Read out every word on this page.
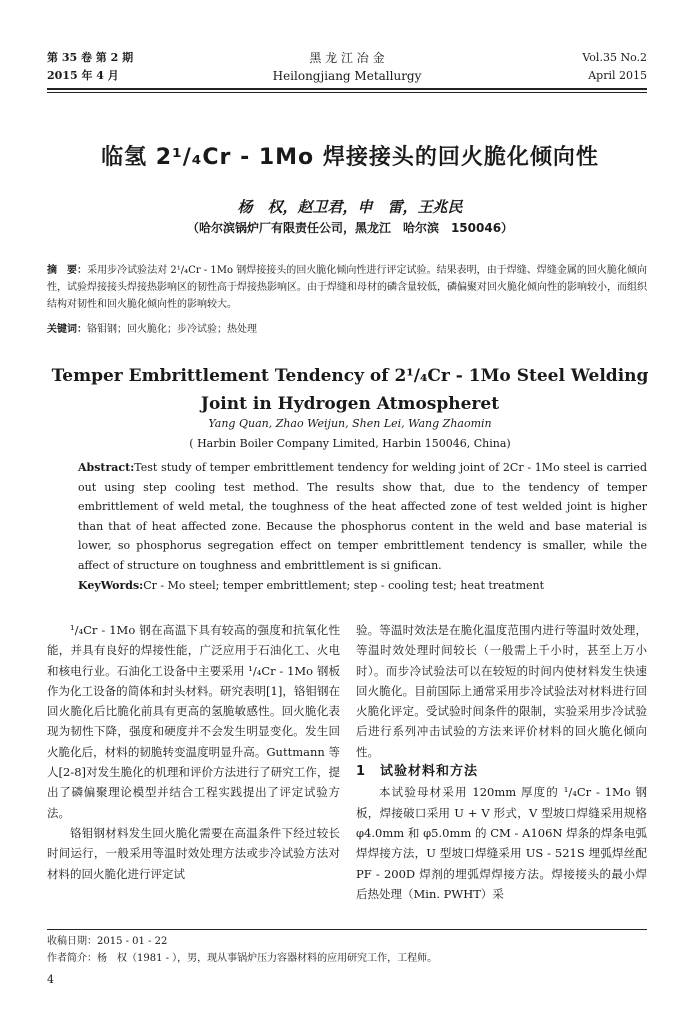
第 35 卷 第 2 期
2015 年 4 月
黑 龙 江 冶 金
Heilongjiang Metallurgy
Vol.35 No.2
April 2015
临氢 2¹/₄Cr - 1Mo 焊接接头的回火脆化倾向性
杨　权，赵卫君，申　雷，王兆民
（哈尔滨锅炉厂有限责任公司，黑龙江　哈尔滨　150046）
摘　要：采用步冷试验法对 2¹/₄Cr - 1Mo 钢焊接接头的回火脆化倾向性进行评定试验。结果表明，由于焊缝、焊缝金属的回火脆化倾向性，试验焊接接头焊接热影响区的韧性高于焊接热影响区。由于焊缝和母材的磷含量较低，磷偏聚对回火脆化倾向性的影响较小，而组织结构对韧性和回火脆化倾向性的影响较大。
关键词：铬钼钢；回火脆化；步冷试验；热处理
Temper Embrittlement Tendency of 2¹/₄Cr - 1Mo Steel Welding
Joint in Hydrogen Atmospheret
Yang Quan, Zhao Weijun, Shen Lei, Wang Zhaomin
( Harbin Boiler Company Limited, Harbin 150046, China)
Abstract:Test study of temper embrittlement tendency for welding joint of 2Cr - 1Mo steel is carried out using step cooling test method. The results show that, due to the tendency of temper embrittlement of weld metal, the toughness of the heat affected zone of test welded joint is higher than that of heat affected zone. Because the phosphorus content in the weld and base material is lower, so phosphorus segregation effect on temper embrittlement tendency is smaller, while the affect of structure on toughness and embrittlement is si gnifican.
KeyWords:Cr - Mo steel; temper embrittlement; step - cooling test; heat treatment

¹/₄Cr - 1Mo 钢在高温下具有较高的强度和抗氧化性能，并具有良好的焊接性能，广泛应用于石油化工、火电和核电行业。石油化工设备中主要采用 ¹/₄Cr - 1Mo 钢板作为化工设备的简体和封头材料。研究表明[1]，铬钼钢在回火脆化后比脆化前具有更高的氢脆敏感性。回火脆化表现为韧性下降，强度和硬度并不会发生明显变化。发生回火脆化后，材料的韧脆转变温度明显升高。Guttmann 等人[2-8]对发生脆化的机理和评价方法进行了研究工作，提出了磷偏聚理论模型并结合工程实践提出了评定试验方法。

铬钼钢材料发生回火脆化需要在高温条件下经过较长时间运行，一般采用等温时效处理方法或步冷试验方法对材料的回火脆化进行评定试

验。等温时效法是在脆化温度范围内进行等温时效处理，等温时效处理时间较长（一般需上千小时，甚至上万小时）。而步冷试验法可以在较短的时间内使材料发生快速回火脆化。目前国际上通常采用步冷试验法对材料进行回火脆化评定。受试验时间条件的限制，实验采用步冷试验后进行系列冲击试验的方法来评价材料的回火脆化倾向性。

1　试验材料和方法

本试验母材采用 120mm 厚度的 ¹/₄Cr - 1Mo 钢板，焊接破口采用 U + V 形式，V 型坡口焊缝采用规格 φ4.0mm 和 φ5.0mm 的 CM - A106N 焊条的焊条电弧焊焊接方法，U 型坡口焊缝采用 US - 521S 埋弧焊丝配 PF - 200D 焊剂的埋弧焊焊接方法。焊接接头的最小焊后热处理（Min. PWHT）采

收稿日期：2015 - 01 - 22
作者简介：杨　权（1981 - ），男，现从事锅炉压力容器材料的应用研究工作，工程师。
4
